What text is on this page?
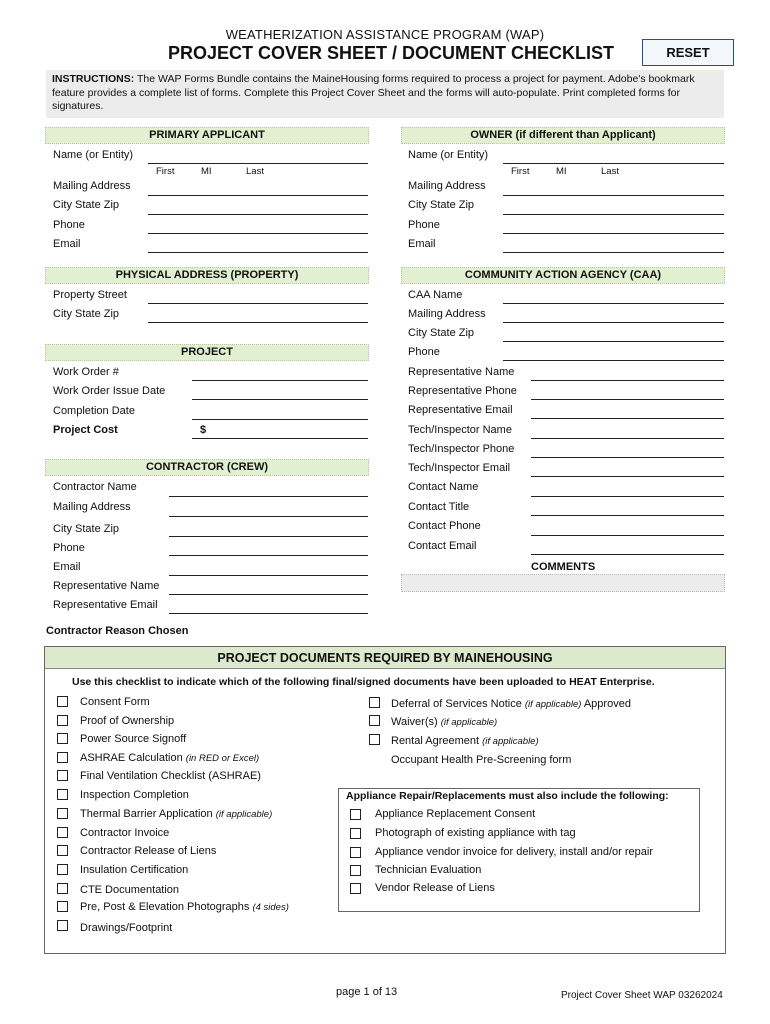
WEATHERIZATION ASSISTANCE PROGRAM (WAP)
PROJECT COVER SHEET / DOCUMENT CHECKLIST	RESET
INSTRUCTIONS: The WAP Forms Bundle contains the MaineHousing forms required to process a project for payment. Adobe's bookmark feature provides a complete list of forms. Complete this Project Cover Sheet and the forms will auto-populate. Print completed forms for signatures.
PRIMARY APPLICANT
Name (or Entity)
First	MI	Last
Mailing Address
City State Zip
Phone
Email
OWNER (if different than Applicant)
Name (or Entity)
First	MI	Last
Mailing Address
City State Zip
Phone
Email
PHYSICAL ADDRESS (PROPERTY)
Property Street
City State Zip
COMMUNITY ACTION AGENCY (CAA)
CAA Name
Mailing Address
City State Zip
Phone
Representative Name
Representative Phone
Representative Email
Tech/Inspector Name
Tech/Inspector Phone
Tech/Inspector Email
Contact Name
Contact Title
Contact Phone
Contact Email
COMMENTS
PROJECT
Work Order #
Work Order Issue Date
Completion Date
Project Cost	$
CONTRACTOR (CREW)
Contractor Name
Mailing Address
City State Zip
Phone
Email
Representative Name
Representative Email
Contractor Reason Chosen
PROJECT DOCUMENTS REQUIRED BY MAINEHOUSING
Use this checklist to indicate which of the following final/signed documents have been uploaded to HEAT Enterprise.
Consent Form
Proof of Ownership
Power Source Signoff
ASHRAE Calculation (in RED or Excel)
Final Ventilation Checklist (ASHRAE)
Inspection Completion
Thermal Barrier Application (if applicable)
Contractor Invoice
Contractor Release of Liens
Insulation Certification
CTE Documentation
Pre, Post & Elevation Photographs (4 sides)
Drawings/Footprint
Deferral of Services Notice (if applicable) Approved
Waiver(s) (if applicable)
Rental Agreement (if applicable)
Occupant Health Pre-Screening form
Appliance Repair/Replacements must also include the following:
Appliance Replacement Consent
Photograph of existing appliance with tag
Appliance vendor invoice for delivery, install and/or repair
Technician Evaluation
Vendor Release of Liens
page 1 of 13	Project Cover Sheet WAP 03262024
